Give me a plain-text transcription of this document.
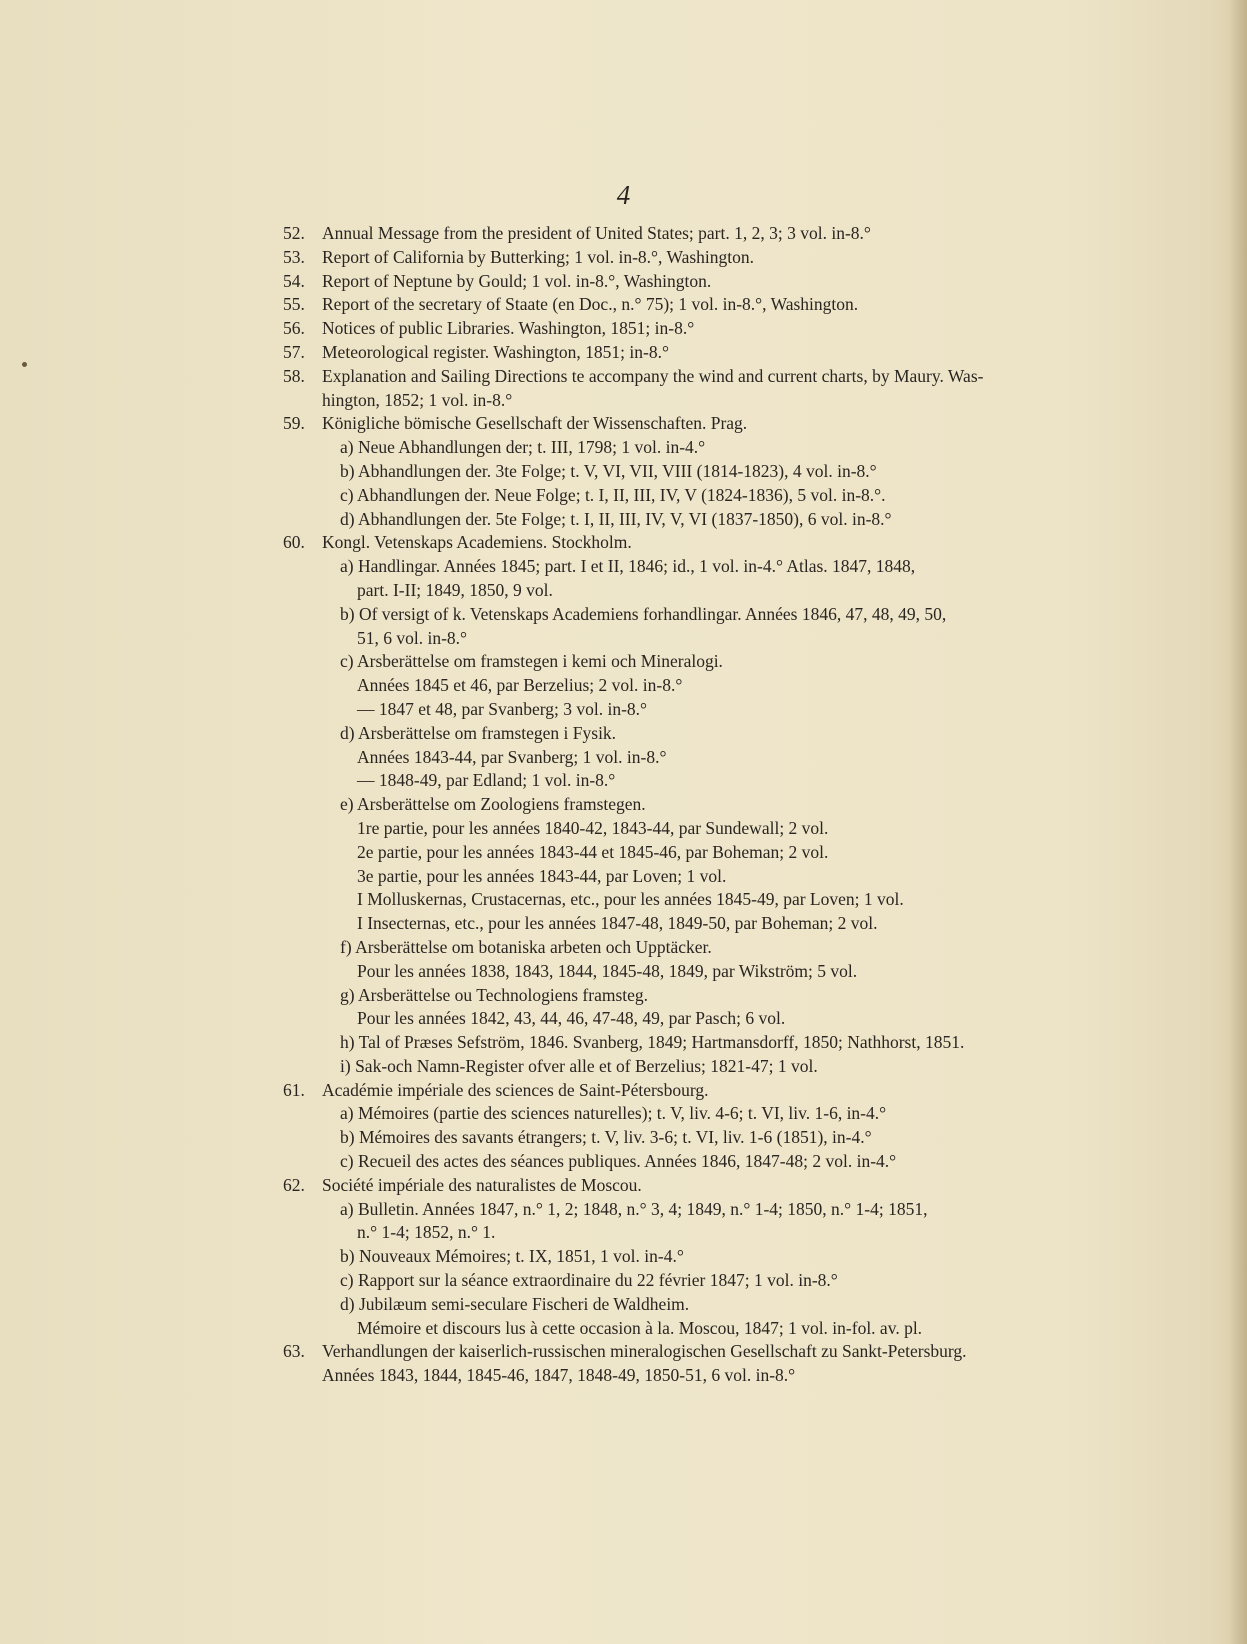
4
52. Annual Message from the president of United States; part. 1, 2, 3; 3 vol. in-8.°
53. Report of California by Butterking; 1 vol. in-8.°, Washington.
54. Report of Neptune by Gould; 1 vol. in-8.°, Washington.
55. Report of the secretary of Staate (en Doc., n.° 75); 1 vol. in-8.°, Washington.
56. Notices of public Libraries. Washington, 1851; in-8.°
57. Meteorological register. Washington, 1851; in-8.°
58. Explanation and Sailing Directions te accompany the wind and current charts, by Maury. Was-
hington, 1852; 1 vol. in-8.°
59. Königliche bömische Gesellschaft der Wissenschaften. Prag.
a) Neue Abhandlungen der; t. III, 1798; 1 vol. in-4.°
b) Abhandlungen der. 3te Folge; t. V, VI, VII, VIII (1814-1823), 4 vol. in-8.°
c) Abhandlungen der. Neue Folge; t. I, II, III, IV, V (1824-1836), 5 vol. in-8.°.
d) Abhandlungen der. 5te Folge; t. I, II, III, IV, V, VI (1837-1850), 6 vol. in-8.°
60. Kongl. Vetenskaps Academiens. Stockholm.
a) Handlingar. Années 1845; part. I et II, 1846; id., 1 vol. in-4.° Atlas. 1847, 1848,
part. I-II; 1849, 1850, 9 vol.
b) Of versigt of k. Vetenskaps Academiens forhandlingar. Années 1846, 47, 48, 49, 50,
51, 6 vol. in-8.°
c) Arsberättelse om framstegen i kemi och Mineralogi.
Années 1845 et 46, par Berzelius; 2 vol. in-8.°
— 1847 et 48, par Svanberg; 3 vol. in-8.°
d) Arsberättelse om framstegen i Fysik.
Années 1843-44, par Svanberg; 1 vol. in-8.°
— 1848-49, par Edland; 1 vol. in-8.°
e) Arsberättelse om Zoologiens framstegen.
1re partie, pour les années 1840-42, 1843-44, par Sundewall; 2 vol.
2e partie, pour les années 1843-44 et 1845-46, par Boheman; 2 vol.
3e partie, pour les années 1843-44, par Loven; 1 vol.
I Molluskernas, Crustacernas, etc., pour les années 1845-49, par Loven; 1 vol.
I Insecternas, etc., pour les années 1847-48, 1849-50, par Boheman; 2 vol.
f) Arsberättelse om botaniska arbeten och Upptäcker.
Pour les années 1838, 1843, 1844, 1845-48, 1849, par Wikström; 5 vol.
g) Arsberättelse ou Technologiens framsteg.
Pour les années 1842, 43, 44, 46, 47-48, 49, par Pasch; 6 vol.
h) Tal of Præses Sefström, 1846. Svanberg, 1849; Hartmansdorff, 1850; Nathhorst, 1851.
i) Sak-och Namn-Register ofver alle et of Berzelius; 1821-47; 1 vol.
61. Académie impériale des sciences de Saint-Pétersbourg.
a) Mémoires (partie des sciences naturelles); t. V, liv. 4-6; t. VI, liv. 1-6, in-4.°
b) Mémoires des savants étrangers; t. V, liv. 3-6; t. VI, liv. 1-6 (1851), in-4.°
c) Recueil des actes des séances publiques. Années 1846, 1847-48; 2 vol. in-4.°
62. Société impériale des naturalistes de Moscou.
a) Bulletin. Années 1847, n.° 1, 2; 1848, n.° 3, 4; 1849, n.° 1-4; 1850, n.° 1-4; 1851,
n.° 1-4; 1852, n.° 1.
b) Nouveaux Mémoires; t. IX, 1851, 1 vol. in-4.°
c) Rapport sur la séance extraordinaire du 22 février 1847; 1 vol. in-8.°
d) Jubilæum semi-seculare Fischeri de Waldheim.
Mémoire et discours lus à cette occasion à la. Moscou, 1847; 1 vol. in-fol. av. pl.
63. Verhandlungen der kaiserlich-russischen mineralogischen Gesellschaft zu Sankt-Petersburg.
Années 1843, 1844, 1845-46, 1847, 1848-49, 1850-51, 6 vol. in-8.°
